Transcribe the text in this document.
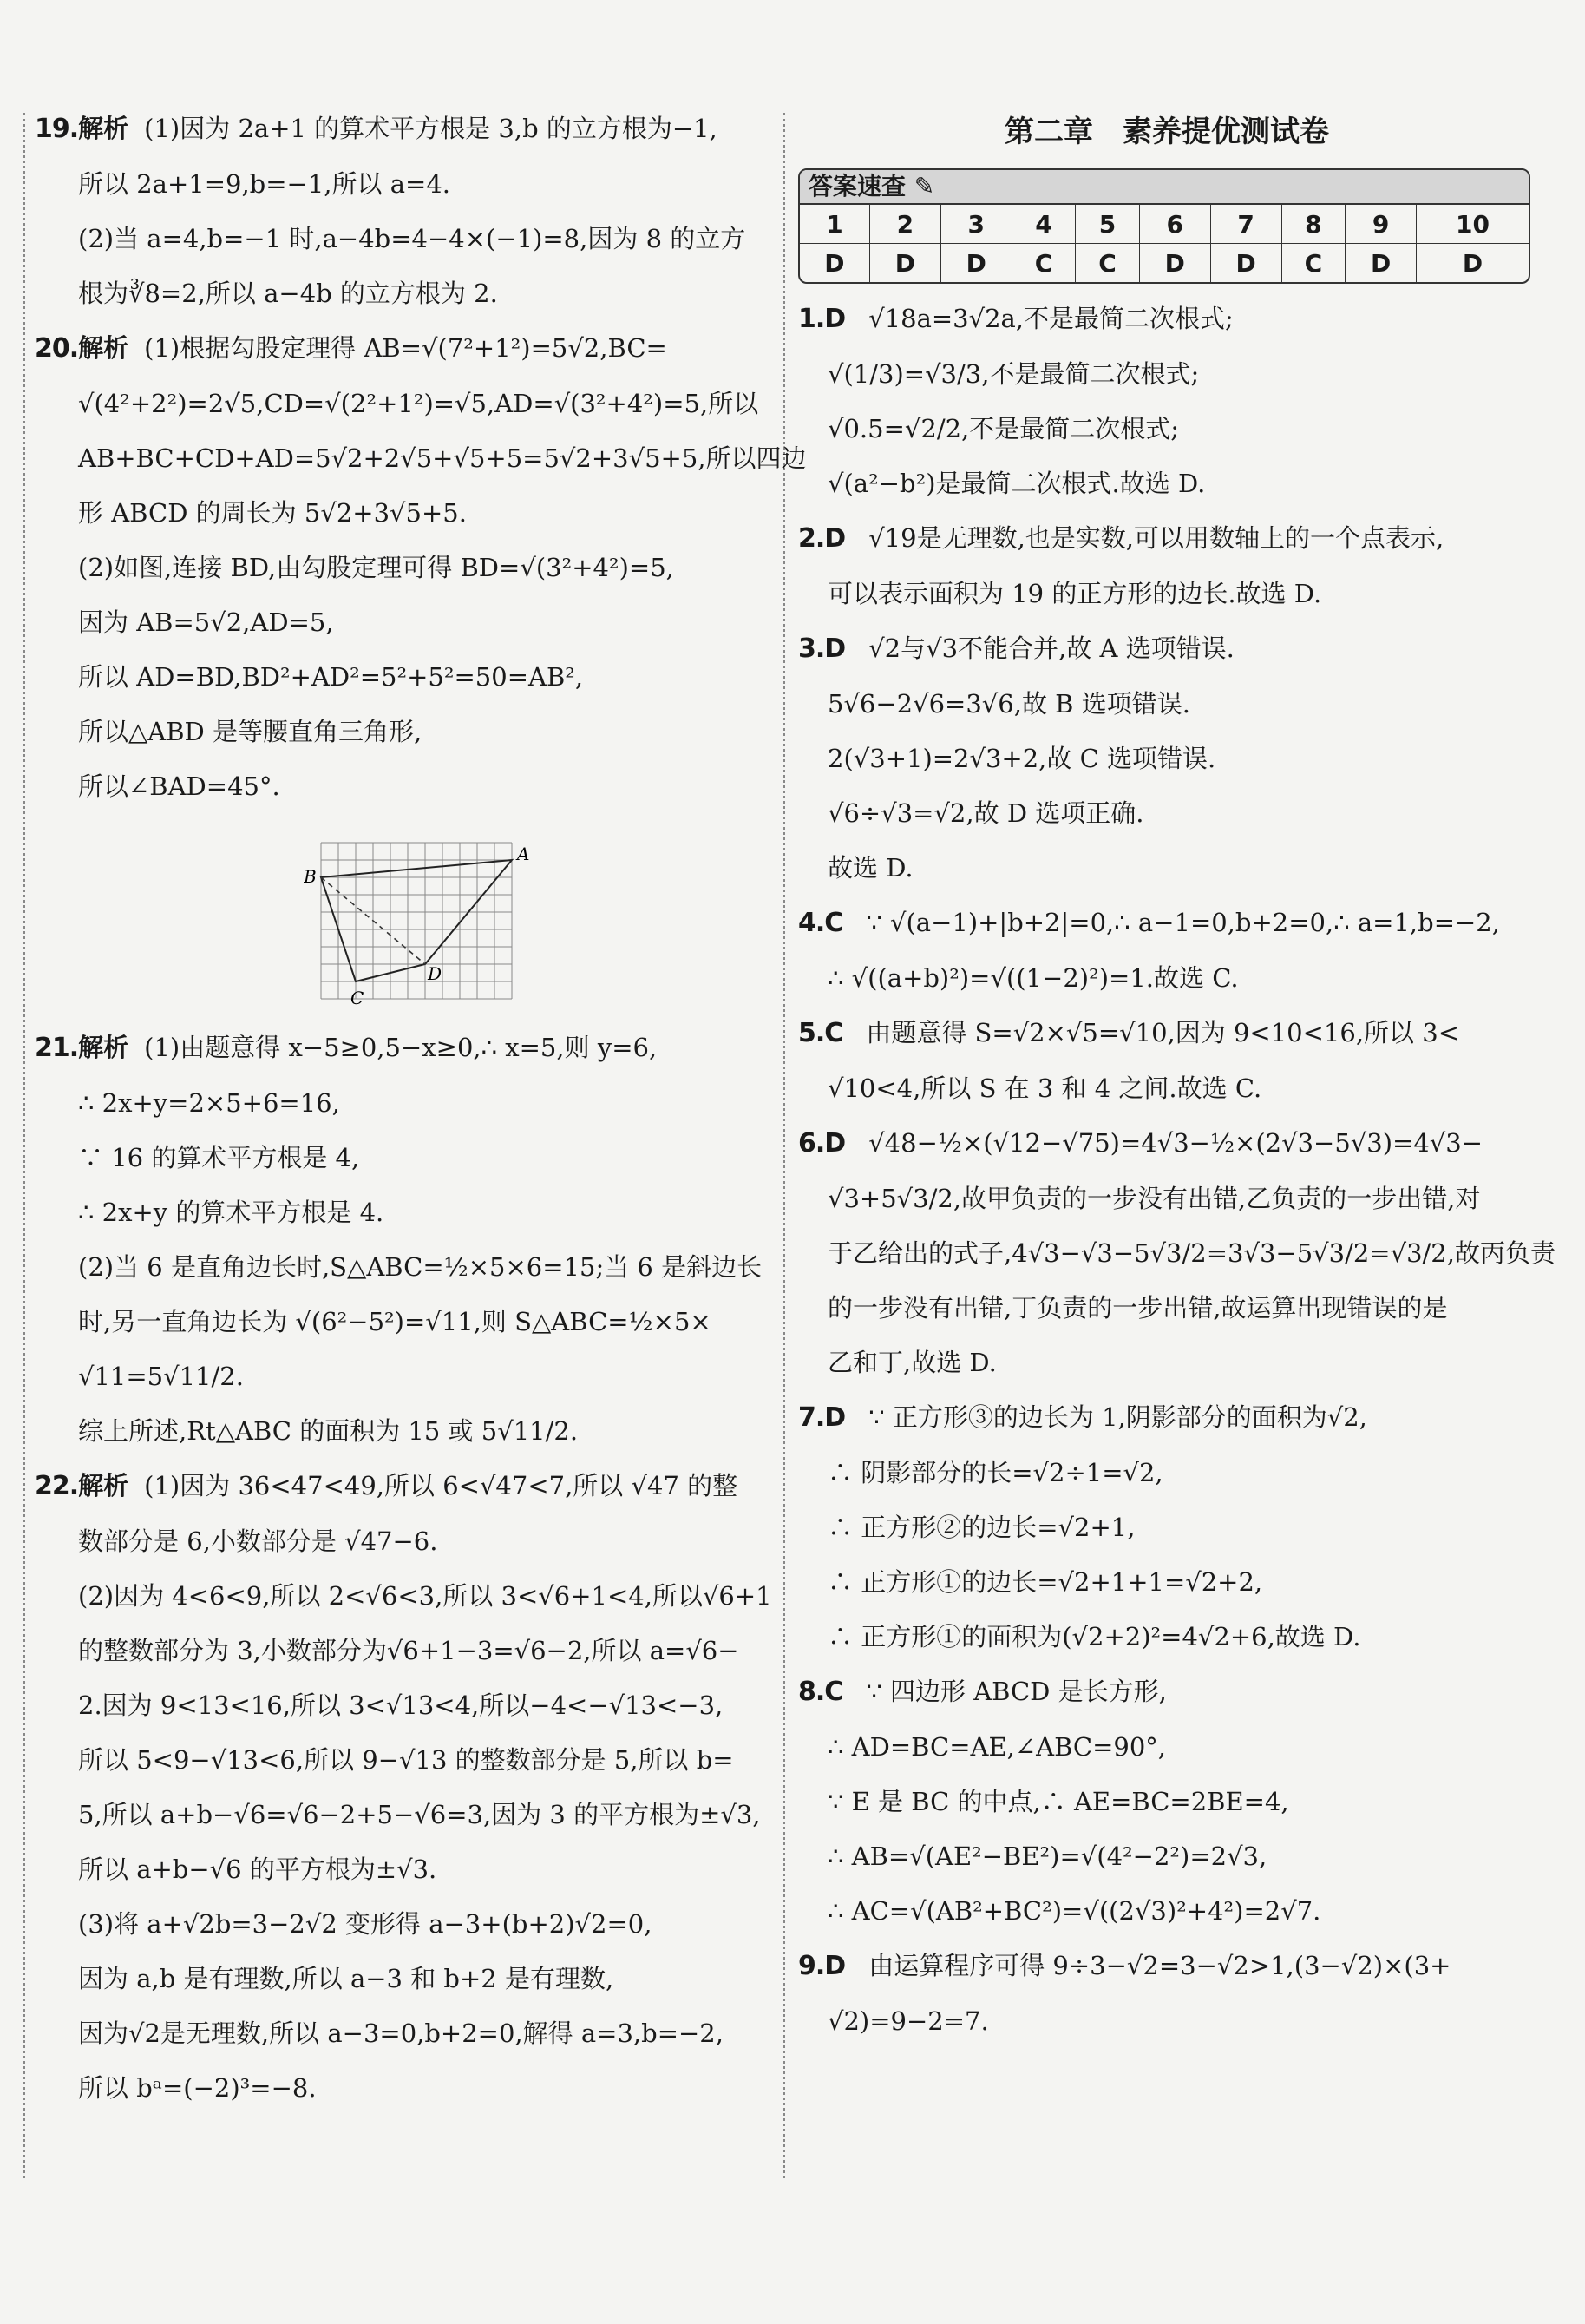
19.解析 (1)因为 2a+1 的算术平方根是 3,b 的立方根为−1,
所以 2a+1=9,b=−1,所以 a=4.
(2)当 a=4,b=−1 时,a−4b=4−4×(−1)=8,因为 8 的立方
根为∛8=2,所以 a−4b 的立方根为 2.
20.解析 (1)根据勾股定理得 AB=√(7²+1²)=5√2,BC=
√(4²+2²)=2√5,CD=√(2²+1²)=√5,AD=√(3²+4²)=5,所以
AB+BC+CD+AD=5√2+2√5+√5+5=5√2+3√5+5,所以四边
形 ABCD 的周长为 5√2+3√5+5.
(2)如图,连接 BD,由勾股定理可得 BD=√(3²+4²)=5,
因为 AB=5√2,AD=5,
所以 AD=BD,BD²+AD²=5²+5²=50=AB²,
所以△ABD 是等腰直角三角形,
所以∠BAD=45°.
A
B
C
D
21.解析 (1)由题意得 x−5≥0,5−x≥0,∴ x=5,则 y=6,
∴ 2x+y=2×5+6=16,
∵ 16 的算术平方根是 4,
∴ 2x+y 的算术平方根是 4.
(2)当 6 是直角边长时,S△ABC=½×5×6=15;当 6 是斜边长
时,另一直角边长为 √(6²−5²)=√11,则 S△ABC=½×5×
√11=5√11/2.
综上所述,Rt△ABC 的面积为 15 或 5√11/2.
22.解析 (1)因为 36<47<49,所以 6<√47<7,所以 √47 的整
数部分是 6,小数部分是 √47−6.
(2)因为 4<6<9,所以 2<√6<3,所以 3<√6+1<4,所以√6+1
的整数部分为 3,小数部分为√6+1−3=√6−2,所以 a=√6−
2.因为 9<13<16,所以 3<√13<4,所以−4<−√13<−3,
所以 5<9−√13<6,所以 9−√13 的整数部分是 5,所以 b=
5,所以 a+b−√6=√6−2+5−√6=3,因为 3 的平方根为±√3,
所以 a+b−√6 的平方根为±√3.
(3)将 a+√2b=3−2√2 变形得 a−3+(b+2)√2=0,
因为 a,b 是有理数,所以 a−3 和 b+2 是有理数,
因为√2是无理数,所以 a−3=0,b+2=0,解得 a=3,b=−2,
所以 bᵃ=(−2)³=−8.
第二章　素养提优测试卷
答案速查 ✎
1	2	3	4	5	6	7	8	9	10
D	D	D	C	C	D	D	C	D	D
1.D √18a=3√2a,不是最简二次根式;
√(1/3)=√3/3,不是最简二次根式;
√0.5=√2/2,不是最简二次根式;
√(a²−b²)是最简二次根式.故选 D.
2.D √19是无理数,也是实数,可以用数轴上的一个点表示,
可以表示面积为 19 的正方形的边长.故选 D.
3.D √2与√3不能合并,故 A 选项错误.
5√6−2√6=3√6,故 B 选项错误.
2(√3+1)=2√3+2,故 C 选项错误.
√6÷√3=√2,故 D 选项正确.
故选 D.
4.C ∵ √(a−1)+|b+2|=0,∴ a−1=0,b+2=0,∴ a=1,b=−2,
∴ √((a+b)²)=√((1−2)²)=1.故选 C.
5.C 由题意得 S=√2×√5=√10,因为 9<10<16,所以 3<
√10<4,所以 S 在 3 和 4 之间.故选 C.
6.D √48−½×(√12−√75)=4√3−½×(2√3−5√3)=4√3−
√3+5√3/2,故甲负责的一步没有出错,乙负责的一步出错,对
于乙给出的式子,4√3−√3−5√3/2=3√3−5√3/2=√3/2,故丙负责
的一步没有出错,丁负责的一步出错,故运算出现错误的是
乙和丁,故选 D.
7.D ∵ 正方形③的边长为 1,阴影部分的面积为√2,
∴ 阴影部分的长=√2÷1=√2,
∴ 正方形②的边长=√2+1,
∴ 正方形①的边长=√2+1+1=√2+2,
∴ 正方形①的面积为(√2+2)²=4√2+6,故选 D.
8.C ∵ 四边形 ABCD 是长方形,
∴ AD=BC=AE,∠ABC=90°,
∵ E 是 BC 的中点,∴ AE=BC=2BE=4,
∴ AB=√(AE²−BE²)=√(4²−2²)=2√3,
∴ AC=√(AB²+BC²)=√((2√3)²+4²)=2√7.
9.D 由运算程序可得 9÷3−√2=3−√2>1,(3−√2)×(3+
√2)=9−2=7.
